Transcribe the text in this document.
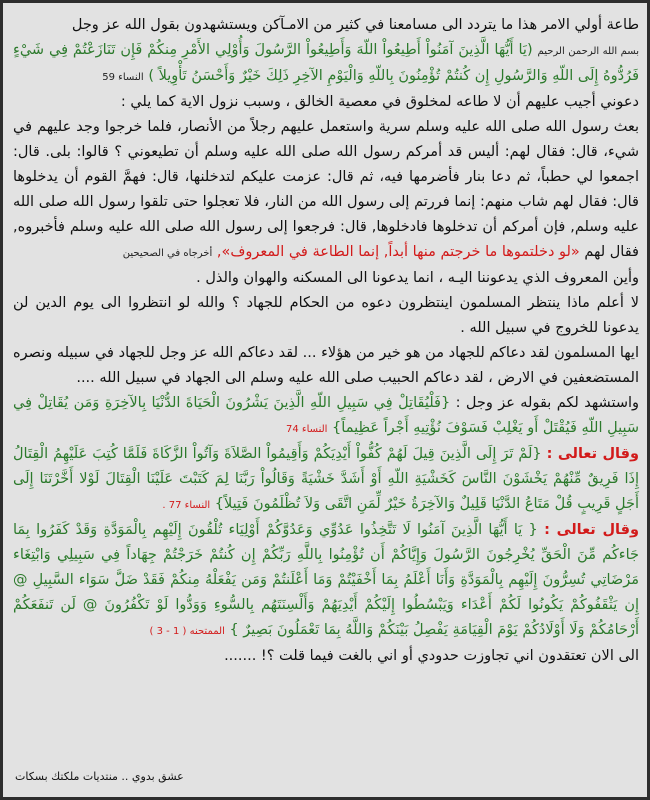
طاعة أولي الامر هذا ما يتردد الى مسامعنا في كثير من الامـآكن ويستشهدون بقول الله عز وجل

بسم الله الرحمن الرحيم (يَا أَيُّهَا الَّذِينَ آمَنُواْ أَطِيعُواْ اللّهَ وَأَطِيعُواْ الرَّسُولَ وَأُوْلِي الأَمْرِ مِنكُمْ فَإِن تَنَازَعْتُمْ فِي شَيْءٍ فَرُدُّوهُ إِلَى اللّهِ وَالرَّسُولِ إِن كُنتُمْ تُؤْمِنُونَ بِاللّهِ وَالْيَوْمِ الآخِرِ ذَلِكَ خَيْرٌ وَأَحْسَنُ تَأْوِيلاً ) النساء 59

دعوني أجيب عليهم أن لا طاعه لمخلوق في معصية الخالق ، وسبب نزول الاية كما يلي :

بعث رسول الله صلى الله عليه وسلم سرية واستعمل عليهم رجلاً من الأنصار، فلما خرجوا وجد عليهم في شيء، قال: فقال لهم: أليس قد أمركم رسول الله صلى الله عليه وسلم أن تطيعوني ؟ قالوا: بلى. قال: اجمعوا لي حطباً، ثم دعا بنار فأضرمها فيه، ثم قال: عزمت عليكم لتدخلنها، قال: فهمَّ القوم أن يدخلوها قال: فقال لهم شاب منهم: إنما فررتم إلى رسول الله من النار، فلا تعجلوا حتى تلقوا رسول الله صلى الله عليه وسلم, فإن أمركم أن تدخلوها فادخلوها, قال: فرجعوا إلى رسول الله صلى الله عليه وسلم فأخبروه, فقال لهم «لو دخلتموها ما خرجتم منها أبداً, إنما الطاعة في المعروف», أخرجاه في الصحيحين

وأين المعروف الذي يدعوننا اليـه ، انما يدعونا الى المسكنه والهوان والذل .

لا أعلم ماذا ينتظر المسلمون اينتظرون دعوه من الحكام للجهاد ؟ والله لو انتظروا الى يوم الدين لن يدعونا للخروج في سبيل الله .

ايها المسلمون لقد دعاكم للجهاد من هو خير من هؤلاء ... لقد دعاكم الله عز وجل للجهاد في سبيله ونصره المستضعفين في الارض ، لقد دعاكم الحبيب صلى الله عليه وسلم الى الجهاد في سبيل الله ....

واستشهد لكم بقوله عز وجل : {فَلْيُقَاتِلْ فِي سَبِيلِ اللّهِ الَّذِينَ يَشْرُونَ الْحَيَاةَ الدُّنْيَا بِالآخِرَةِ وَمَن يُقَاتِلْ فِي سَبِيلِ اللّهِ فَيُقْتَلْ أَو يَغْلِبْ فَسَوْفَ نُؤْتِيهِ أَجْراً عَظِيماً} النساء 74

وقال تعالى : {لَمْ تَرَ إِلَى الَّذِينَ قِيلَ لَهُمْ كُفُّواْ أَيْدِيَكُمْ وَأَقِيمُواْ الصَّلاَةَ وَآتُواْ الزَّكَاةَ فَلَمَّا كُتِبَ عَلَيْهِمُ الْقِتَالُ إِذَا فَرِيقٌ مِّنْهُمْ يَخْشَوْنَ النَّاسَ كَخَشْيَةِ اللّهِ أَوْ أَشَدَّ خَشْيَةً وَقَالُواْ رَبَّنَا لِمَ كَتَبْتَ عَلَيْنَا الْقِتَالَ لَوْلا أَخَّرْتَنَا إِلَى أَجَلٍ قَرِيبٍ قُلْ مَتَاعُ الدَّنْيَا قَلِيلٌ وَالآخِرَةُ خَيْرٌ لِّمَنِ اتَّقَى وَلاَ تُظْلَمُونَ فَتِيلاً} النساء 77 .

وقال تعالى : { يَا أَيُّهَا الَّذِينَ آمَنُوا لَا تَتَّخِذُوا عَدُوِّي وَعَدُوَّكُمْ أَوْلِيَاء تُلْقُونَ إِلَيْهِم بِالْمَوَدَّةِ وَقَدْ كَفَرُوا بِمَا جَاءكُم مِّنَ الْحَقِّ يُخْرِجُونَ الرَّسُولَ وَإِيَّاكُمْ أَن تُؤْمِنُوا بِاللَّهِ رَبِّكُمْ إِن كُنتُمْ خَرَجْتُمْ جِهَاداً فِي سَبِيلِي وَابْتِغَاء مَرْضَاتِي تُسِرُّونَ إِلَيْهِم بِالْمَوَدَّةِ وَأَنَا أَعْلَمُ بِمَا أَخْفَيْتُمْ وَمَا أَعْلَنتُمْ وَمَن يَفْعَلْهُ مِنكُمْ فَقَدْ ضَلَّ سَوَاء السَّبِيلِ @ إِن يَثْقَفُوكُمْ يَكُونُوا لَكُمْ أَعْدَاء وَيَبْسُطُوا إِلَيْكُمْ أَيْدِيَهُمْ وَأَلْسِنَتَهُم بِالسُّوءِ وَوَدُّوا لَوْ تَكْفُرُونَ @ لَن تَنفَعَكُمْ أَرْحَامُكُمْ وَلَا أَوْلَادُكُمْ يَوْمَ الْقِيَامَةِ يَفْصِلُ بَيْنَكُمْ وَاللَّهُ بِمَا تَعْمَلُونَ بَصِيرٌ } الممتحنه ( 1 - 3 )

الى الان تعتقدون اني تجاوزت حدودي أو اني بالغت فيما قلت ؟! .......

عشق بدوي .. منتديات ملكتك بسكات
